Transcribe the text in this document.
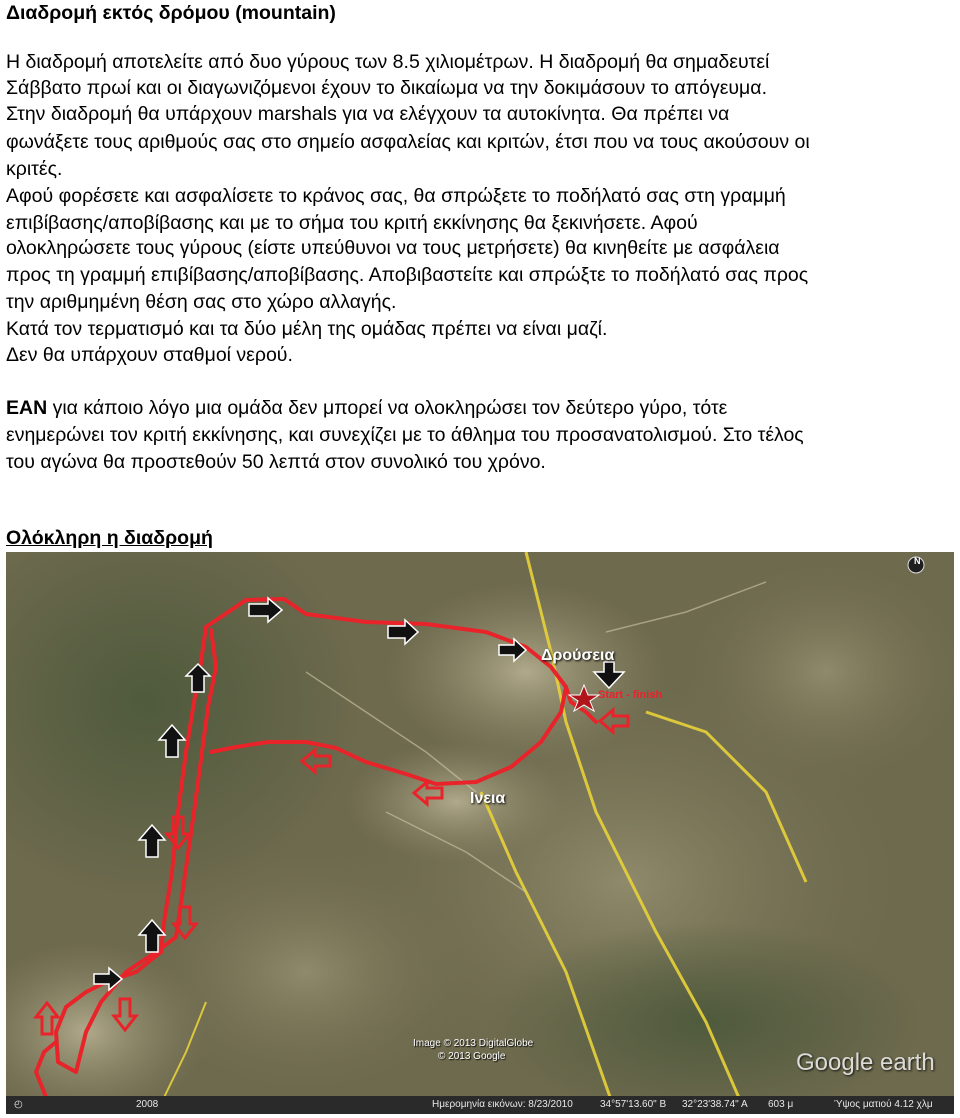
Διαδρομή εκτός δρόμου (mountain)
Η διαδρομή αποτελείτε από δυο γύρους των 8.5 χιλιομέτρων. Η διαδρομή θα σημαδευτεί
Σάββατο πρωί και οι διαγωνιζόμενοι έχουν το δικαίωμα να την δοκιμάσουν το απόγευμα.
Στην διαδρομή θα υπάρχουν marshals για να ελέγχουν τα αυτοκίνητα. Θα πρέπει να
φωνάξετε τους αριθμούς σας στο σημείο ασφαλείας και κριτών, έτσι που να τους ακούσουν οι
κριτές.
Αφού φορέσετε και ασφαλίσετε το κράνος σας, θα σπρώξετε το ποδήλατό σας στη γραμμή
επιβίβασης/αποβίβασης και με το σήμα του κριτή εκκίνησης θα ξεκινήσετε. Αφού
ολοκληρώσετε τους γύρους (είστε υπεύθυνοι να τους μετρήσετε) θα κινηθείτε με ασφάλεια
προς τη γραμμή επιβίβασης/αποβίβασης. Αποβιβαστείτε και σπρώξτε το ποδήλατό σας προς
την αριθμημένη θέση σας στο χώρο αλλαγής.
Κατά τον τερματισμό και τα δύο μέλη της ομάδας πρέπει να είναι μαζί.
Δεν θα υπάρχουν σταθμοί νερού.
ΕΑΝ για κάποιο λόγο μια ομάδα δεν μπορεί να ολοκληρώσει τον δεύτερο γύρο, τότε
ενημερώνει τον κριτή εκκίνησης, και συνεχίζει με το άθλημα του προσανατολισμού. Στο τέλος
του αγώνα θα προστεθούν 50 λεπτά στον συνολικό του χρόνο.
Ολόκληρη η διαδρομή
N
Δρούσεια
Ινεια
Start - finish
Image © 2013 DigitalGlobe
© 2013 Google	Google earth
◴	2008	Ημερομηνία εικόνων: 8/23/2010	34°57'13.60" Β 32°23'38.74" Α 603 μ	Ύψος ματιού 4.12 χλμ
